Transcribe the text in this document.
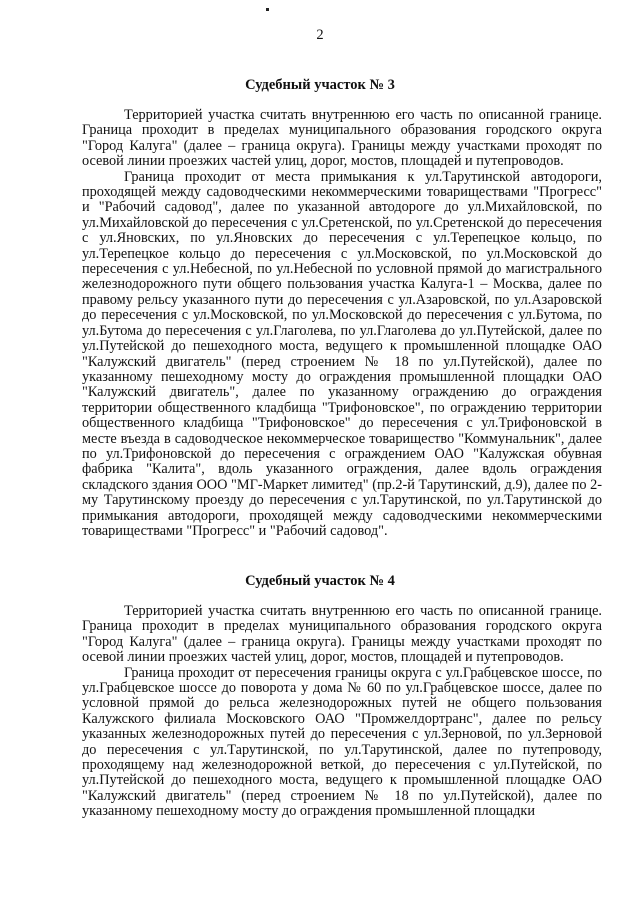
2
Судебный участок № 3

Территорией участка считать внутреннюю его часть по описанной границе. Граница проходит в пределах муниципального образования городского округа "Город Калуга" (далее – граница округа). Границы между участками проходят по осевой линии проезжих частей улиц, дорог, мостов, площадей и путепроводов.

Граница проходит от места примыкания к ул.Тарутинской автодороги, проходящей между садоводческими некоммерческими товариществами "Прогресс" и "Рабочий садовод", далее по указанной автодороге до ул.Михайловской, по ул.Михайловской до пересечения с ул.Сретенской, по ул.Сретенской до пересечения с ул.Яновских, по ул.Яновских до пересечения с ул.Терепецкое кольцо, по ул.Терепецкое кольцо до пересечения с ул.Московской, по ул.Московской до пересечения с ул.Небесной, по ул.Небесной по условной прямой до магистрального железнодорожного пути общего пользования участка Калуга-1 – Москва, далее по правому рельсу указанного пути до пересечения с ул.Азаровской, по ул.Азаровской до пересечения с ул.Московской, по ул.Московской до пересечения с ул.Бутома, по ул.Бутома до пересечения с ул.Глаголева, по ул.Глаголева до ул.Путейской, далее по ул.Путейской до пешеходного моста, ведущего к промышленной площадке ОАО "Калужский двигатель" (перед строением № 18 по ул.Путейской), далее по указанному пешеходному мосту до ограждения промышленной площадки ОАО "Калужский двигатель", далее по указанному ограждению до ограждения территории общественного кладбища "Трифоновское", по ограждению территории общественного кладбища "Трифоновское" до пересечения с ул.Трифоновской в месте въезда в садоводческое некоммерческое товарищество "Коммунальник", далее по ул.Трифоновской до пересечения с ограждением ОАО "Калужская обувная фабрика "Калита", вдоль указанного ограждения, далее вдоль ограждения складского здания ООО "МГ-Маркет лимитед" (пр.2-й Тарутинский, д.9), далее по 2-му Тарутинскому проезду до пересечения с ул.Тарутинской, по ул.Тарутинской до примыкания автодороги, проходящей между садоводческими некоммерческими товариществами "Прогресс" и "Рабочий садовод".

Судебный участок № 4

Территорией участка считать внутреннюю его часть по описанной границе. Граница проходит в пределах муниципального образования городского округа "Город Калуга" (далее – граница округа). Границы между участками проходят по осевой линии проезжих частей улиц, дорог, мостов, площадей и путепроводов.

Граница проходит от пересечения границы округа с ул.Грабцевское шоссе, по ул.Грабцевское шоссе до поворота у дома № 60 по ул.Грабцевское шоссе, далее по условной прямой до рельса железнодорожных путей не общего пользования Калужского филиала Московского ОАО "Промжелдортранс", далее по рельсу указанных железнодорожных путей до пересечения с ул.Зерновой, по ул.Зерновой до пересечения с ул.Тарутинской, по ул.Тарутинской, далее по путепроводу, проходящему над железнодорожной веткой, до пересечения с ул.Путейской, по ул.Путейской до пешеходного моста, ведущего к промышленной площадке ОАО "Калужский двигатель" (перед строением № 18 по ул.Путейской), далее по указанному пешеходному мосту до ограждения промышленной площадки
